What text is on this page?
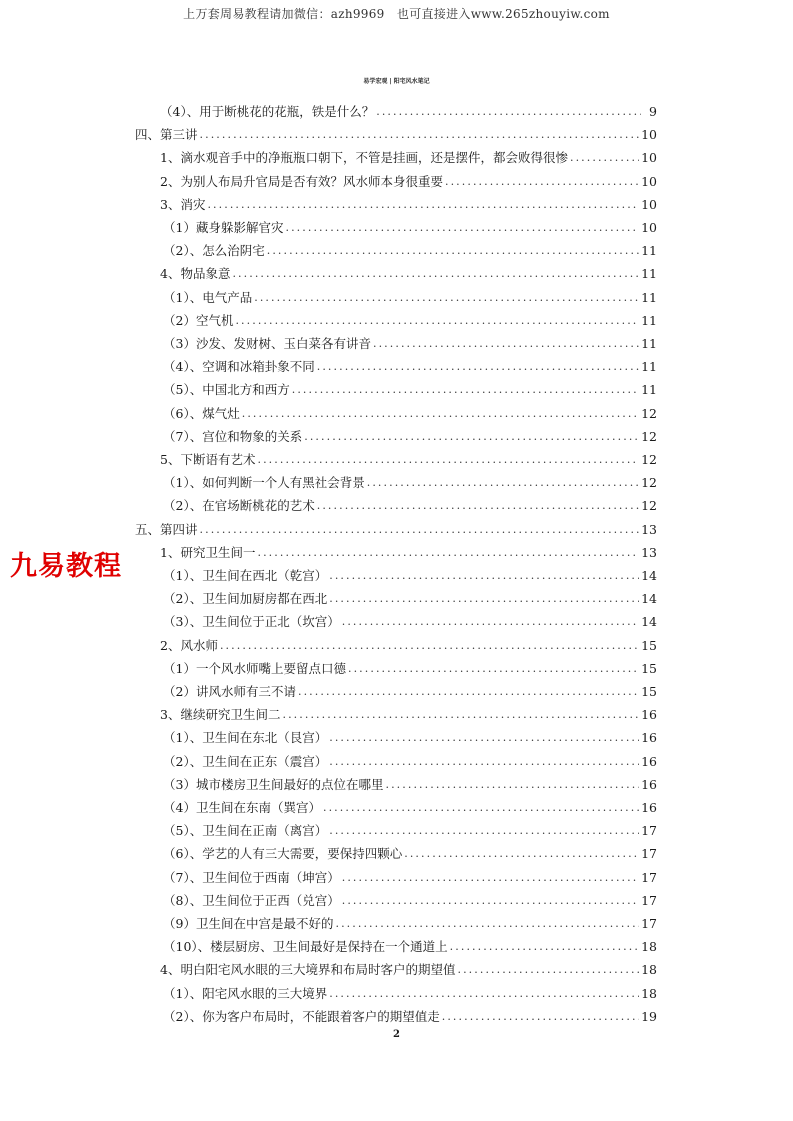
上万套周易教程请加微信：azh9969　也可直接进入www.265zhouyiw.com
易学宏观 | 阳宅风水笔记
九易教程
（4）、用于断桃花的花瓶，铁是什么？ .....	9
四、第三讲 .....	10
1、滴水观音手中的净瓶瓶口朝下，不管是挂画，还是摆件，都会败得很惨 .....	10
2、为别人布局升官局是否有效？风水师本身很重要 .....	10
3、消灾 .....	10
（1）藏身躲影解官灾 .....	10
（2）、怎么治阴宅 .....	11
4、物品象意 .....	11
（1）、电气产品 .....	11
（2）空气机 .....	11
（3）沙发、发财树、玉白菜各有讲音 .....	11
（4）、空调和冰箱卦象不同 .....	11
（5）、中国北方和西方 .....	11
（6）、煤气灶 .....	12
（7）、宫位和物象的关系 .....	12
5、下断语有艺术 .....	12
（1）、如何判断一个人有黑社会背景 .....	12
（2）、在官场断桃花的艺术 .....	12
五、第四讲 .....	13
1、研究卫生间一 .....	13
（1）、卫生间在西北（乾宫） .....	14
（2）、卫生间加厨房都在西北 .....	14
（3）、卫生间位于正北（坎宫） .....	14
2、风水师 .....	15
（1）一个风水师嘴上要留点口德 .....	15
（2）讲风水师有三不请 .....	15
3、继续研究卫生间二 .....	16
（1）、卫生间在东北（艮宫） .....	16
（2）、卫生间在正东（震宫） .....	16
（3）城市楼房卫生间最好的点位在哪里 .....	16
（4）卫生间在东南（巽宫） .....	16
（5）、卫生间在正南（离宫） .....	17
（6）、学艺的人有三大需要，要保持四颗心 .....	17
（7）、卫生间位于西南（坤宫） .....	17
（8）、卫生间位于正西（兑宫） .....	17
（9）卫生间在中宫是最不好的 .....	17
（10）、楼层厨房、卫生间最好是保持在一个通道上 .....	18
4、明白阳宅风水眼的三大境界和布局时客户的期望值 .....	18
（1）、阳宅风水眼的三大境界 .....	18
（2）、你为客户布局时，不能跟着客户的期望值走 .....	19
2
